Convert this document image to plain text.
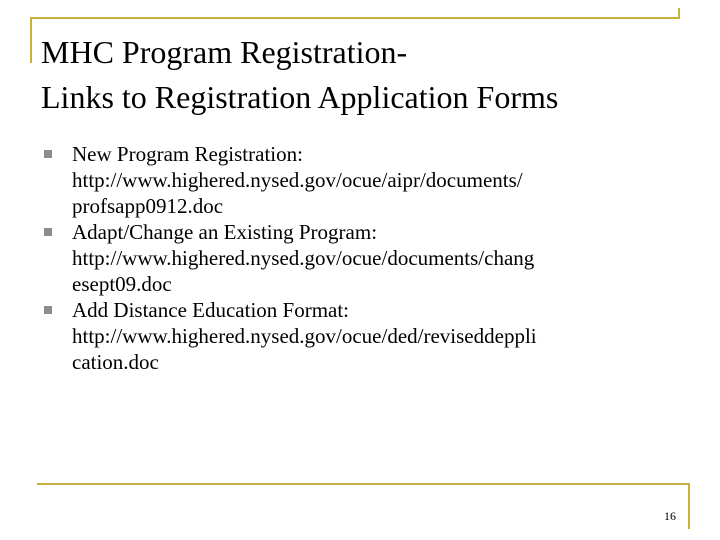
MHC Program Registration-
Links to Registration Application Forms
New Program Registration:
http://www.highered.nysed.gov/ocue/aipr/documents/
profsapp0912.doc
Adapt/Change an Existing Program:
http://www.highered.nysed.gov/ocue/documents/chang
esept09.doc
Add Distance Education Format:
http://www.highered.nysed.gov/ocue/ded/reviseddeppli
cation.doc
16
